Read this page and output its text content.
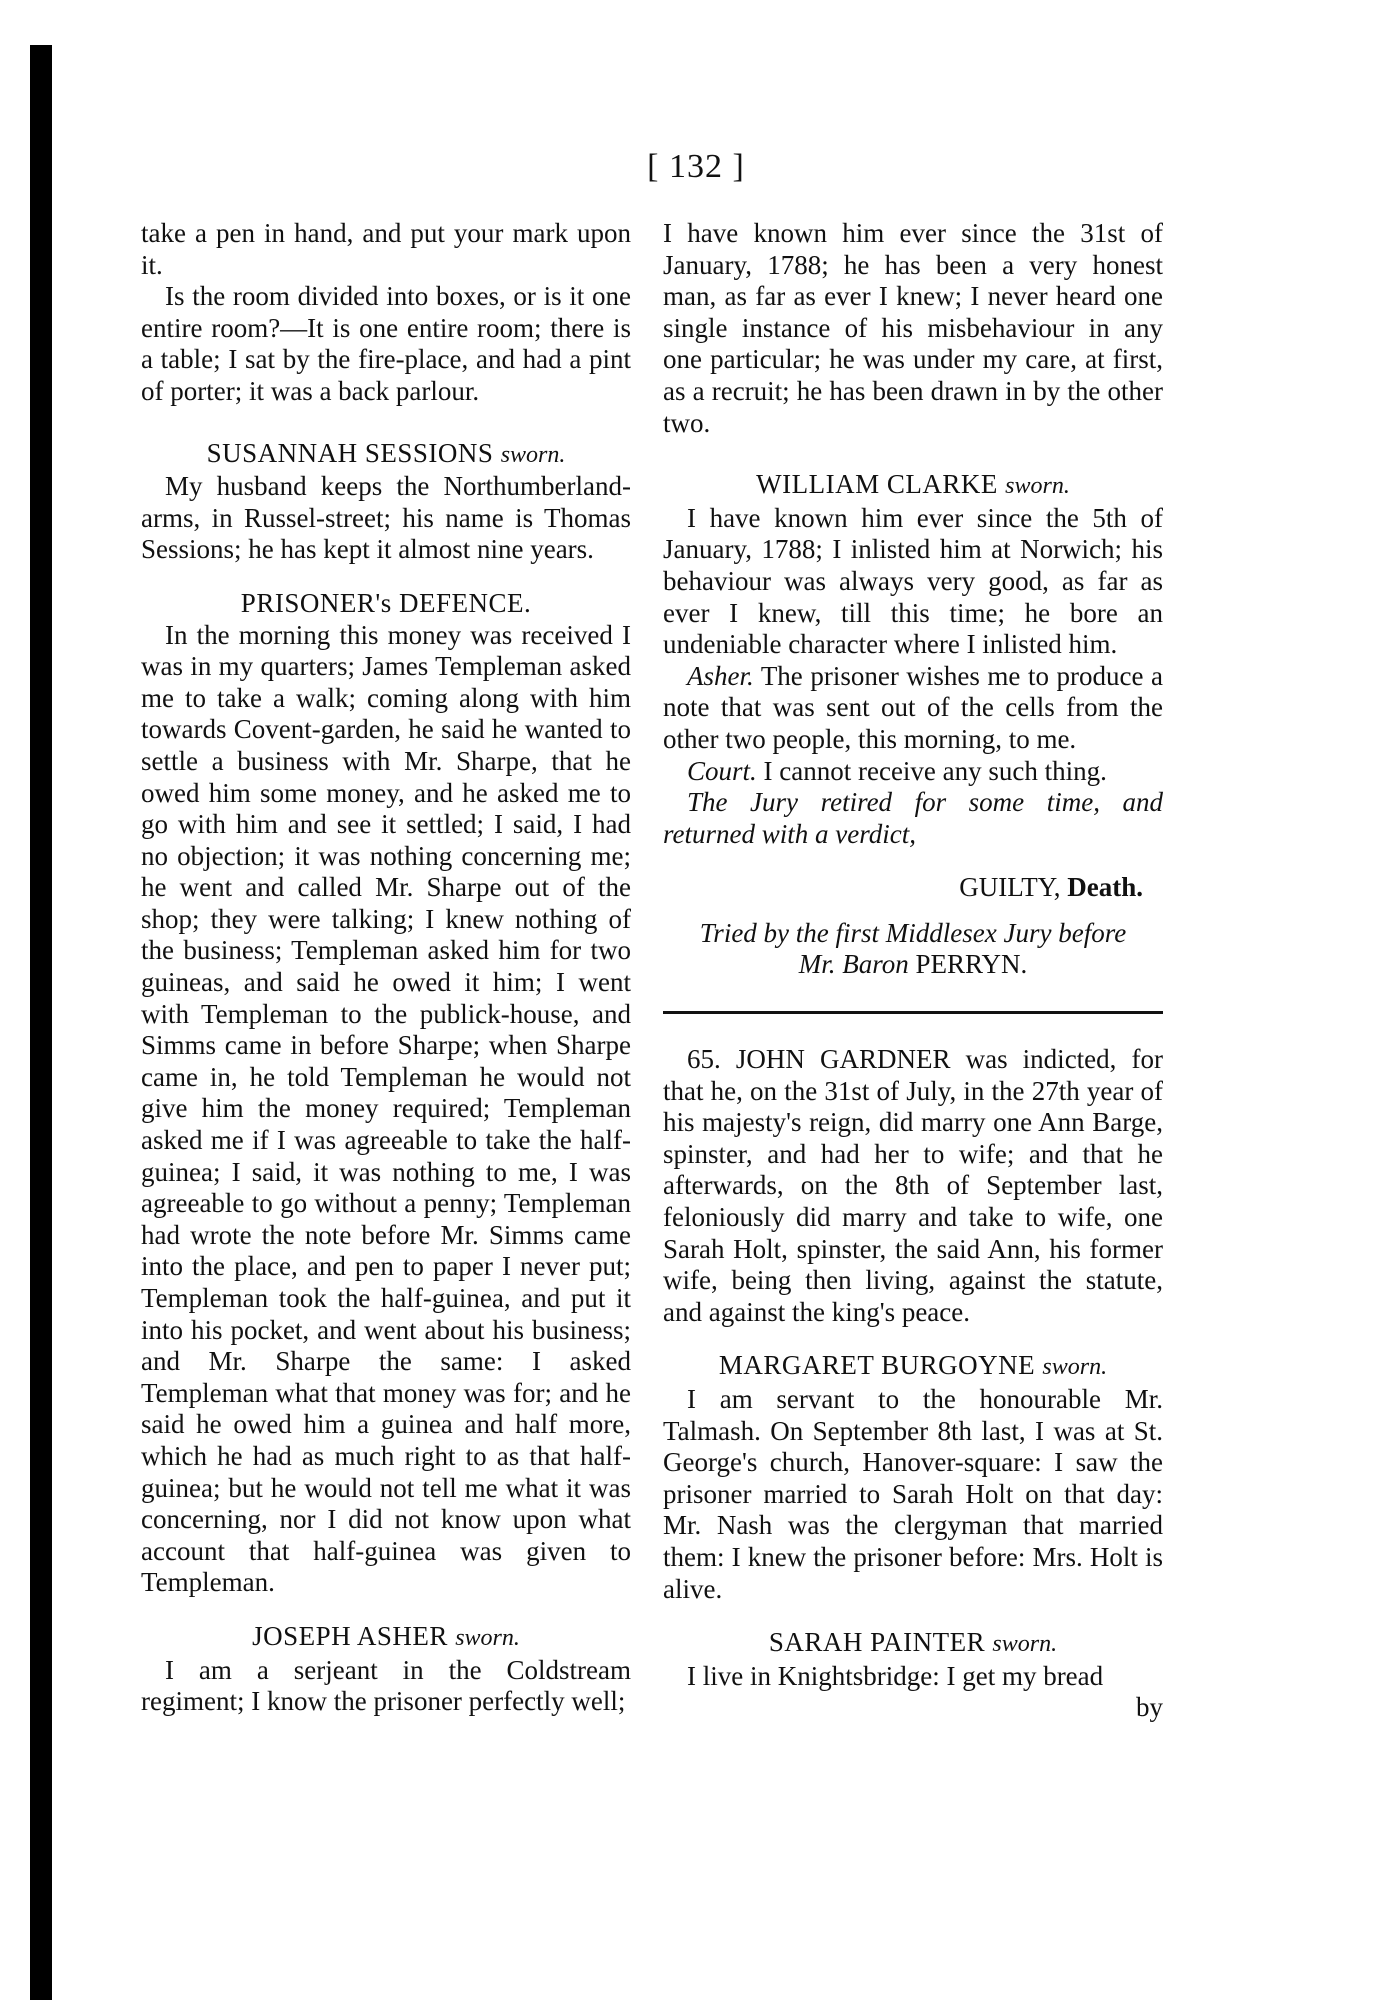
[ 132 ]

take a pen in hand, and put your mark upon it.

Is the room divided into boxes, or is it one entire room?—It is one entire room; there is a table; I sat by the fire-place, and had a pint of porter; it was a back parlour.

SUSANNAH SESSIONS sworn.

My husband keeps the Northumberland-arms, in Russel-street; his name is Thomas Sessions; he has kept it almost nine years.

PRISONER's DEFENCE.

In the morning this money was received I was in my quarters; James Templeman asked me to take a walk; coming along with him towards Covent-garden, he said he wanted to settle a business with Mr. Sharpe, that he owed him some money, and he asked me to go with him and see it settled; I said, I had no objection; it was nothing concerning me; he went and called Mr. Sharpe out of the shop; they were talking; I knew nothing of the business; Templeman asked him for two guineas, and said he owed it him; I went with Templeman to the publick-house, and Simms came in before Sharpe; when Sharpe came in, he told Templeman he would not give him the money required; Templeman asked me if I was agreeable to take the half-guinea; I said, it was nothing to me, I was agreeable to go without a penny; Templeman had wrote the note before Mr. Simms came into the place, and pen to paper I never put; Templeman took the half-guinea, and put it into his pocket, and went about his business; and Mr. Sharpe the same: I asked Templeman what that money was for; and he said he owed him a guinea and half more, which he had as much right to as that half-guinea; but he would not tell me what it was concerning, nor I did not know upon what account that half-guinea was given to Templeman.

JOSEPH ASHER sworn.

I am a serjeant in the Coldstream regiment; I know the prisoner perfectly well;

I have known him ever since the 31st of January, 1788; he has been a very honest man, as far as ever I knew; I never heard one single instance of his misbehaviour in any one particular; he was under my care, at first, as a recruit; he has been drawn in by the other two.

WILLIAM CLARKE sworn.

I have known him ever since the 5th of January, 1788; I inlisted him at Norwich; his behaviour was always very good, as far as ever I knew, till this time; he bore an undeniable character where I inlisted him.

Asher. The prisoner wishes me to produce a note that was sent out of the cells from the other two people, this morning, to me.

Court. I cannot receive any such thing.

The Jury retired for some time, and returned with a verdict,

GUILTY, Death.

Tried by the first Middlesex Jury before
Mr. Baron PERRYN.

65. JOHN GARDNER was indicted, for that he, on the 31st of July, in the 27th year of his majesty's reign, did marry one Ann Barge, spinster, and had her to wife; and that he afterwards, on the 8th of September last, feloniously did marry and take to wife, one Sarah Holt, spinster, the said Ann, his former wife, being then living, against the statute, and against the king's peace.

MARGARET BURGOYNE sworn.

I am servant to the honourable Mr. Talmash. On September 8th last, I was at St. George's church, Hanover-square: I saw the prisoner married to Sarah Holt on that day: Mr. Nash was the clergyman that married them: I knew the prisoner before: Mrs. Holt is alive.

SARAH PAINTER sworn.

I live in Knightsbridge: I get my bread

by
